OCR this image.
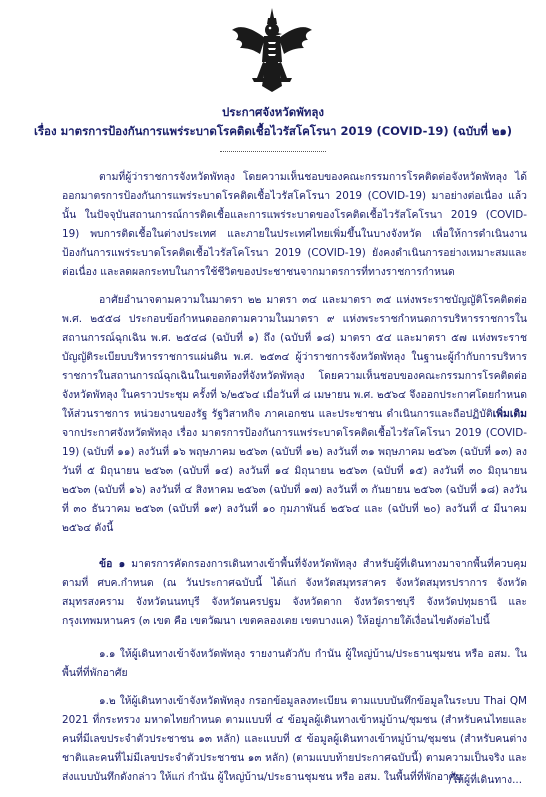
ประกาศจังหวัดพัทลุง
เรื่อง มาตรการป้องกันการแพร่ระบาดโรคติดเชื้อไวรัสโคโรนา 2019 (COVID-19) (ฉบับที่ ๒๑)

ตามที่ผู้ว่าราชการจังหวัดพัทลุง โดยความเห็นชอบของคณะกรรมการโรคติดต่อจังหวัดพัทลุง ได้ออกมาตรการป้องกันการแพร่ระบาดโรคติดเชื้อไวรัสโคโรนา 2019 (COVID-19) มาอย่างต่อเนื่อง แล้วนั้น ในปัจจุบันสถานการณ์การติดเชื้อและการแพร่ระบาดของโรคติดเชื้อไวรัสโคโรนา 2019 (COVID-19) พบการติดเชื้อในต่างประเทศ และภายในประเทศไทยเพิ่มขึ้นในบางจังหวัด เพื่อให้การดำเนินงานป้องกันการแพร่ระบาดโรคติดเชื้อไวรัสโคโรนา 2019 (COVID-19) ยังคงดำเนินการอย่างเหมาะสมและต่อเนื่อง และลดผลกระทบในการใช้ชีวิตของประชาชนจากมาตรการที่ทางราชการกำหนด

อาศัยอำนาจตามความในมาตรา ๒๒ มาตรา ๓๔ และมาตรา ๓๕ แห่งพระราชบัญญัติโรคติดต่อ พ.ศ. ๒๕๕๘ ประกอบข้อกำหนดออกตามความในมาตรา ๙ แห่งพระราชกำหนดการบริหารราชการในสถานการณ์ฉุกเฉิน พ.ศ. ๒๕๔๘ (ฉบับที่ ๑) ถึง (ฉบับที่ ๑๘) มาตรา ๕๔ และมาตรา ๕๗ แห่งพระราชบัญญัติระเบียบบริหารราชการแผ่นดิน พ.ศ. ๒๕๓๔ ผู้ว่าราชการจังหวัดพัทลุง ในฐานะผู้กำกับการบริหารราชการในสถานการณ์ฉุกเฉินในเขตท้องที่จังหวัดพัทลุง โดยความเห็นชอบของคณะกรรมการโรคติดต่อจังหวัดพัทลุง ในคราวประชุม ครั้งที่ ๖/๒๕๖๔ เมื่อวันที่ ๘ เมษายน พ.ศ. ๒๕๖๔ จึงออกประกาศโดยกำหนดให้ส่วนราชการ หน่วยงานของรัฐ รัฐวิสาหกิจ ภาคเอกชน และประชาชน ดำเนินการและถือปฏิบัติเพิ่มเติมจากประกาศจังหวัดพัทลุง เรื่อง มาตรการป้องกันการแพร่ระบาดโรคติดเชื้อไวรัสโคโรนา 2019 (COVID-19) (ฉบับที่ ๑๑) ลงวันที่ ๑๖ พฤษภาคม ๒๕๖๓ (ฉบับที่ ๑๒) ลงวันที่ ๓๑ พฤษภาคม ๒๕๖๓ (ฉบับที่ ๑๓) ลงวันที่ ๕ มิถุนายน ๒๕๖๓ (ฉบับที่ ๑๔) ลงวันที่ ๑๔ มิถุนายน ๒๕๖๓ (ฉบับที่ ๑๕) ลงวันที่ ๓๐ มิถุนายน ๒๕๖๓ (ฉบับที่ ๑๖) ลงวันที่ ๔ สิงหาคม ๒๕๖๓ (ฉบับที่ ๑๗) ลงวันที่ ๓ กันยายน ๒๕๖๓ (ฉบับที่ ๑๘) ลงวันที่ ๓๐ ธันวาคม ๒๕๖๓ (ฉบับที่ ๑๙) ลงวันที่ ๑๐ กุมภาพันธ์ ๒๕๖๔ และ (ฉบับที่ ๒๐) ลงวันที่ ๔ มีนาคม ๒๕๖๔ ดังนี้

ข้อ ๑ มาตรการคัดกรองการเดินทางเข้าพื้นที่จังหวัดพัทลุง สำหรับผู้ที่เดินทางมาจากพื้นที่ควบคุม ตามที่ ศบค.กำหนด (ณ วันประกาศฉบับนี้ ได้แก่ จังหวัดสมุทรสาคร จังหวัดสมุทรปราการ จังหวัดสมุทรสงคราม จังหวัดนนทบุรี จังหวัดนครปฐม จังหวัดตาก จังหวัดราชบุรี จังหวัดปทุมธานี และกรุงเทพมหานคร (๓ เขต คือ เขตวัฒนา เขตคลองเตย เขตบางแค) ให้อยู่ภายใต้เงื่อนไขดังต่อไปนี้

๑.๑ ให้ผู้เดินทางเข้าจังหวัดพัทลุง รายงานตัวกับ กำนัน ผู้ใหญ่บ้าน/ประธานชุมชน หรือ อสม. ในพื้นที่ที่พักอาศัย

๑.๒ ให้ผู้เดินทางเข้าจังหวัดพัทลุง กรอกข้อมูลลงทะเบียน ตามแบบบันทึกข้อมูลในระบบ Thai QM 2021 ที่กระทรวง มหาดไทยกำหนด ตามแบบที่ ๔ ข้อมูลผู้เดินทางเข้าหมู่บ้าน/ชุมชน (สำหรับคนไทยและคนที่มีเลขประจำตัวประชาชน ๑๓ หลัก) และแบบที่ ๕ ข้อมูลผู้เดินทางเข้าหมู่บ้าน/ชุมชน (สำหรับคนต่างชาติและคนที่ไม่มีเลขประจำตัวประชาชน ๑๓ หลัก) (ตามแบบท้ายประกาศฉบับนี้) ตามความเป็นจริง และส่งแบบบันทึกดังกล่าว ให้แก่ กำนัน ผู้ใหญ่บ้าน/ประธานชุมชน หรือ อสม. ในพื้นที่ที่พักอาศัย

/ให้ผู้ที่เดินทาง...
